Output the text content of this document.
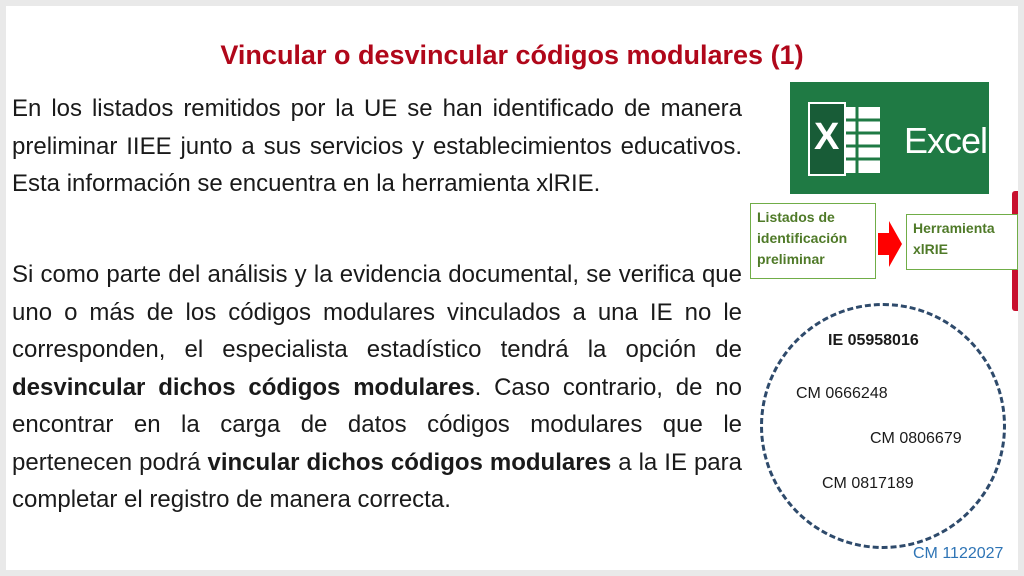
Vincular o desvincular códigos modulares (1)
En los listados remitidos por la UE se han identificado de manera preliminar IIEE junto a sus servicios y establecimientos educativos. Esta información se encuentra en la herramienta xlRIE.
Si como parte del análisis y la evidencia documental, se verifica que uno o más de los códigos modulares vinculados a una IE no le corresponden, el especialista estadístico tendrá la opción de desvincular dichos códigos modulares. Caso contrario, de no encontrar en la carga de datos códigos modulares que le pertenecen podrá vincular dichos códigos modulares a la IE para completar el registro de manera correcta.
X Excel
Listados de identificación preliminar
Herramienta xlRIE
IE 05958016
CM 0666248
CM 0806679
CM 0817189
CM 1122027
